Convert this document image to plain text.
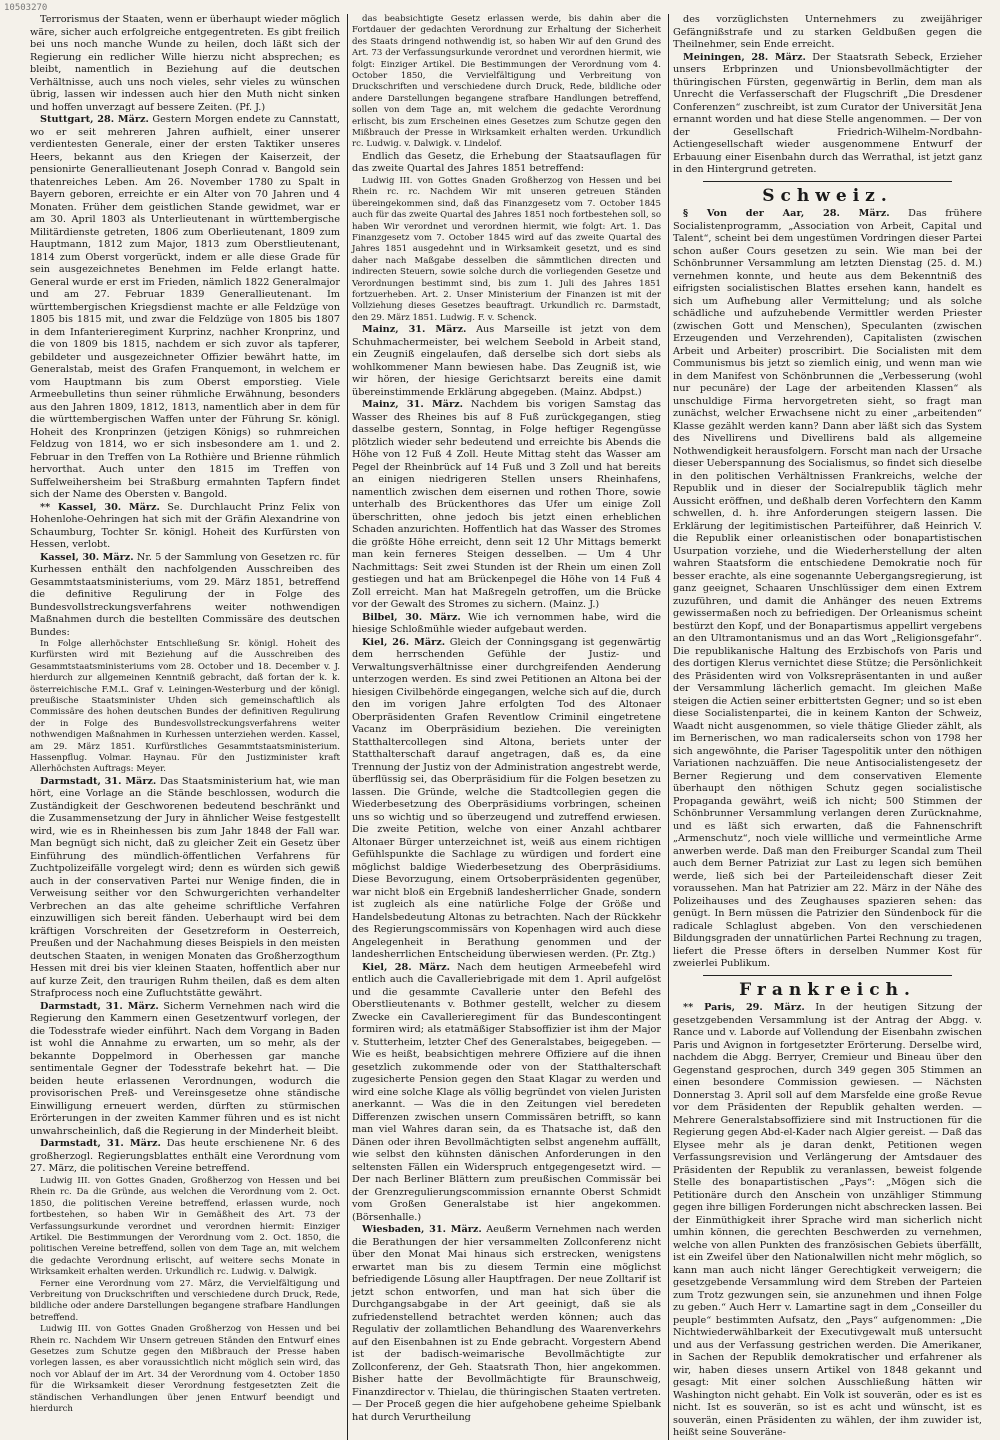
10503270

Terrorismus der Staaten, wenn er überhaupt wieder möglich wäre, sicher auch erfolgreiche entgegentreten. Es gibt freilich bei uns noch manche Wunde zu heilen, doch läßt sich der Regierung ein redlicher Wille hierzu nicht absprechen; es bleibt, namentlich in Beziehung auf die deutschen Verhältnisse, auch uns noch vieles, sehr vieles zu wünschen übrig, lassen wir indessen auch hier den Muth nicht sinken und hoffen unverzagt auf bessere Zeiten. (Pf. J.)

Stuttgart, 28. März. Gestern Morgen endete zu Cannstatt, wo er seit mehreren Jahren aufhielt, einer unserer verdientesten Generale, einer der ersten Taktiker unseres Heers, bekannt aus den Kriegen der Kaiserzeit, der pensionirte Generallieutenant Joseph Conrad v. Bangold sein thatenreiches Leben. Am 26. November 1780 zu Spalt in Bayern geboren, erreichte er ein Alter von 70 Jahren und 4 Monaten. Früher dem geistlichen Stande gewidmet, war er am 30. April 1803 als Unterlieutenant in württembergische Militärdienste getreten, 1806 zum Oberlieutenant, 1809 zum Hauptmann, 1812 zum Major, 1813 zum Oberstlieutenant, 1814 zum Oberst vorgerückt, indem er alle diese Grade für sein ausgezeichnetes Benehmen im Felde erlangt hatte. General wurde er erst im Frieden, nämlich 1822 Generalmajor und am 27. Februar 1839 Generallieutenant. Im württembergischen Kriegsdienst machte er alle Feldzüge von 1805 bis 1815 mit, und zwar die Feldzüge von 1805 bis 1807 in dem Infanterieregiment Kurprinz, nachher Kronprinz, und die von 1809 bis 1815, nachdem er sich zuvor als tapferer, gebildeter und ausgezeichneter Offizier bewährt hatte, im Generalstab, meist des Grafen Franquemont, in welchem er vom Hauptmann bis zum Oberst emporstieg. Viele Armeebulletins thun seiner rühmliche Erwähnung, besonders aus den Jahren 1809, 1812, 1813, namentlich aber in dem für die württembergischen Waffen unter der Führung Sr. königl. Hoheit des Kronprinzen (jetzigen Königs) so ruhmreichen Feldzug von 1814, wo er sich insbesondere am 1. und 2. Februar in den Treffen von La Rothière und Brienne rühmlich hervorthat. Auch unter den 1815 im Treffen von Suffelweihersheim bei Straßburg ermahnten Tapfern findet sich der Name des Obersten v. Bangold.

** Kassel, 30. März. Se. Durchlaucht Prinz Felix von Hohenlohe-Oehringen hat sich mit der Gräfin Alexandrine von Schaumburg, Tochter Sr. königl. Hoheit des Kurfürsten von Hessen, verlobt.

Kassel, 30. März. Nr. 5 der Sammlung von Gesetzen rc. für Kurhessen enthält den nachfolgenden Ausschreiben des Gesammtstaatsministeriums, vom 29. März 1851, betreffend die definitive Regulirung der in Folge des Bundesvollstreckungsverfahrens weiter nothwendigen Maßnahmen durch die bestellten Commissäre des deutschen Bundes:

In Folge allerhöchster Entschließung Sr. königl. Hoheit des Kurfürsten wird mit Beziehung auf die Ausschreiben des Gesammtstaatsministeriums vom 28. October und 18. December v. J. hierdurch zur allgemeinen Kenntniß gebracht, daß fortan der k. k. österreichische F.M.L. Graf v. Leiningen-Westerburg und der königl. preußische Staatsminister Uhden sich gemeinschaftlich als Commissäre des hohen deutschen Bundes der definitiven Regulirung der in Folge des Bundesvollstreckungsverfahrens weiter nothwendigen Maßnahmen in Kurhessen unterziehen werden. Kassel, am 29. März 1851. Kurfürstliches Gesammtstaatsministerium. Hassenpflug. Volmar. Haynau. Für den Justizminister kraft Allerhöchsten Auftrags: Meyer.

Darmstadt, 31. März. Das Staatsministerium hat, wie man hört, eine Vorlage an die Stände beschlossen, wodurch die Zuständigkeit der Geschworenen bedeutend beschränkt und die Zusammensetzung der Jury in ähnlicher Weise festgestellt wird, wie es in Rheinhessen bis zum Jahr 1848 der Fall war. Man begnügt sich nicht, daß zu gleicher Zeit ein Gesetz über Einführung des mündlich-öffentlichen Verfahrens für Zuchtpolizeifälle vorgelegt wird; denn es würden sich gewiß auch in der conservativen Partei nur Wenige finden, die in Verweisung seither vor den Schwurgerichten verhandelter Verbrechen an das alte geheime schriftliche Verfahren einzuwilligen sich bereit fänden. Ueberhaupt wird bei dem kräftigen Vorschreiten der Gesetzreform in Oesterreich, Preußen und der Nachahmung dieses Beispiels in den meisten deutschen Staaten, in wenigen Monaten das Großherzogthum Hessen mit drei bis vier kleinen Staaten, hoffentlich aber nur auf kurze Zeit, den traurigen Ruhm theilen, daß es dem alten Strafprocess noch eine Zufluchtstätte gewährt.

Darmstadt, 31. März. Sicherm Vernehmen nach wird die Regierung den Kammern einen Gesetzentwurf vorlegen, der die Todesstrafe wieder einführt. Nach dem Vorgang in Baden ist wohl die Annahme zu erwarten, um so mehr, als der bekannte Doppelmord in Oberhessen gar manche sentimentale Gegner der Todesstrafe bekehrt hat. — Die beiden heute erlassenen Verordnungen, wodurch die provisorischen Preß- und Vereinsgesetze ohne ständische Einwilligung erneuert werden, dürften zu stürmischen Erörterungen in der zweiten Kammer führen und es ist nicht unwahrscheinlich, daß die Regierung in der Minderheit bleibt.

Darmstadt, 31. März. Das heute erschienene Nr. 6 des großherzogl. Regierungsblattes enthält eine Verordnung vom 27. März, die politischen Vereine betreffend.

Ludwig III. von Gottes Gnaden, Großherzog von Hessen und bei Rhein rc. Da die Gründe, aus welchen die Verordnung vom 2. Oct. 1850, die politischen Vereine betreffend, erlassen wurde, noch fortbestehen, so haben Wir in Gemäßheit des Art. 73 der Verfassungsurkunde verordnet und verordnen hiermit: Einziger Artikel. Die Bestimmungen der Verordnung vom 2. Oct. 1850, die politischen Vereine betreffend, sollen von dem Tage an, mit welchem die gedachte Verordnung erlischt, auf weitere sechs Monate in Wirksamkeit erhalten werden. Urkundlich rc. Ludwig. v. Dalwigk.

Ferner eine Verordnung vom 27. März, die Vervielfältigung und Verbreitung von Druckschriften und verschiedene durch Druck, Rede, bildliche oder andere Darstellungen begangene strafbare Handlungen betreffend.

Ludwig III. von Gottes Gnaden Großherzog von Hessen und bei Rhein rc. Nachdem Wir Unsern getreuen Ständen den Entwurf eines Gesetzes zum Schutze gegen den Mißbrauch der Presse haben vorlegen lassen, es aber voraussichtlich nicht möglich sein wird, das noch vor Ablauf der im Art. 34 der Verordnung vom 4. October 1850 für die Wirksamkeit dieser Verordnung festgesetzten Zeit die ständischen Verhandlungen über jenen Entwurf beendigt und hierdurch

das beabsichtigte Gesetz erlassen werde, bis dahin aber die Fortdauer der gedachten Verordnung zur Erhaltung der Sicherheit des Staats dringend nothwendig ist, so haben Wir auf den Grund des Art. 73 der Verfassungsurkunde verordnet und verordnen hiermit, wie folgt: Einziger Artikel. Die Bestimmungen der Verordnung vom 4. October 1850, die Vervielfältigung und Verbreitung von Druckschriften und verschiedene durch Druck, Rede, bildliche oder andere Darstellungen begangene strafbare Handlungen betreffend, sollen von dem Tage an, mit welchem die gedachte Verordnung erlischt, bis zum Erscheinen eines Gesetzes zum Schutze gegen den Mißbrauch der Presse in Wirksamkeit erhalten werden. Urkundlich rc. Ludwig. v. Dalwigk. v. Lindelof.

Endlich das Gesetz, die Erhebung der Staatsauflagen für das zweite Quartal des Jahres 1851 betreffend:

Ludwig III. von Gottes Gnaden Großherzog von Hessen und bei Rhein rc. rc. Nachdem Wir mit unseren getreuen Ständen übereingekommen sind, daß das Finanzgesetz vom 7. October 1845 auch für das zweite Quartal des Jahres 1851 noch fortbestehen soll, so haben Wir verordnet und verordnen hiermit, wie folgt: Art. 1. Das Finanzgesetz vom 7. October 1845 wird auf das zweite Quartal des Jahres 1851 ausgedehnt und in Wirksamkeit gesetzt, und es sind daher nach Maßgabe desselben die sämmtlichen directen und indirecten Steuern, sowie solche durch die vorliegenden Gesetze und Verordnungen bestimmt sind, bis zum 1. Juli des Jahres 1851 fortzuerheben. Art. 2. Unser Ministerium der Finanzen ist mit der Vollziehung dieses Gesetzes beauftragt. Urkundlich rc. Darmstadt, den 29. März 1851. Ludwig. F. v. Schenck.

Mainz, 31. März. Aus Marseille ist jetzt von dem Schuhmachermeister, bei welchem Seebold in Arbeit stand, ein Zeugniß eingelaufen, daß derselbe sich dort siebs als wohlkommener Mann bewiesen habe. Das Zeugniß ist, wie wir hören, der hiesige Gerichtsarzt bereits eine damit übereinstimmende Erklärung abgegeben. (Mainz. Abdpst.)

Mainz, 31. März. Nachdem bis vorigen Samstag das Wasser des Rheines bis auf 8 Fuß zurückgegangen, stieg dasselbe gestern, Sonntag, in Folge heftiger Regengüsse plötzlich wieder sehr bedeutend und erreichte bis Abends die Höhe von 12 Fuß 4 Zoll. Heute Mittag steht das Wasser am Pegel der Rheinbrück auf 14 Fuß und 3 Zoll und hat bereits an einigen niedrigeren Stellen unsers Rheinhafens, namentlich zwischen dem eisernen und rothen Thore, sowie unterhalb des Brückenthores das Ufer um einige Zoll überschritten, ohne jedoch bis jetzt einen erheblichen Schaden anzurichten. Hoffentlich hat das Wasser des Stromes die größte Höhe erreicht, denn seit 12 Uhr Mittags bemerkt man kein ferneres Steigen desselben. — Um 4 Uhr Nachmittags: Seit zwei Stunden ist der Rhein um einen Zoll gestiegen und hat am Brückenpegel die Höhe von 14 Fuß 4 Zoll erreicht. Man hat Maßregeln getroffen, um die Brücke vor der Gewalt des Stromes zu sichern. (Mainz. J.)

Bilbel, 30. März. Wie ich vernommen habe, wird die hiesige Schloßmühle wieder aufgebaut werden.

Kiel, 26. März. Gleich der Conningsgang ist gegenwärtig dem herrschenden Gefühle der Justiz- und Verwaltungsverhältnisse einer durchgreifenden Aenderung unterzogen werden. Es sind zwei Petitionen an Altona bei der hiesigen Civilbehörde eingegangen, welche sich auf die, durch den im vorigen Jahre erfolgten Tod des Altonaer Oberpräsidenten Grafen Reventlow Criminil eingetretene Vacanz im Oberpräsidium beziehen. Die vereinigten Statthaltercollegen sind Altona, beriets unter der Statthalterschaft darauf angetragen, daß es, da eine Trennung der Justiz von der Administration angestrebt werde, überflüssig sei, das Oberpräsidium für die Folgen besetzen zu lassen. Die Gründe, welche die Stadtcollegien gegen die Wiederbesetzung des Oberpräsidiums vorbringen, scheinen uns so wichtig und so überzeugend und zutreffend erwiesen. Die zweite Petition, welche von einer Anzahl achtbarer Altonaer Bürger unterzeichnet ist, weiß aus einem richtigen Gefühlspunkte die Sachlage zu würdigen und fordert eine möglichst baldige Wiederbesetzung des Oberpräsidiums. Diese Bevorzugung, einem Ortsoberpräsidenten gegenüber, war nicht bloß ein Ergebniß landesherrlicher Gnade, sondern ist zugleich als eine natürliche Folge der Größe und Handelsbedeutung Altonas zu betrachten. Nach der Rückkehr des Regierungscommissärs von Kopenhagen wird auch diese Angelegenheit in Berathung genommen und der landesherrlichen Entscheidung überwiesen werden. (Pr. Ztg.)

Kiel, 28. März. Nach dem heutigen Armeebefehl wird entlich auch die Cavalleriebrigade mit dem 1. April aufgelöst und die gesammte Cavallerie unter den Befehl des Oberstlieutenants v. Bothmer gestellt, welcher zu diesem Zwecke ein Cavallerieregiment für das Bundescontingent formiren wird; als etatmäßiger Stabsoffizier ist ihm der Major v. Stutterheim, letzter Chef des Generalstabes, beigegeben. — Wie es heißt, beabsichtigen mehrere Offiziere auf die ihnen gesetzlich zukommende oder von der Statthalterschaft zugesicherte Pension gegen den Staat Klagar zu werden und wird eine solche Klage als völlig begründet von vielen Juristen anerkannt. — Was die in den Zeitungen viel beredeten Differenzen zwischen unsern Commissären betrifft, so kann man viel Wahres daran sein, da es Thatsache ist, daß den Dänen oder ihren Bevollmächtigten selbst angenehm auffällt, wie selbst den kühnsten dänischen Anforderungen in den seltensten Fällen ein Widerspruch entgegengesetzt wird. — Der nach Berliner Blättern zum preußischen Commissär bei der Grenzregulierungscommission ernannte Oberst Schmidt vom Großen Generalstabe ist hier angekommen. (Börsenhalle.)

Wiesbaden, 31. März. Aeußerm Vernehmen nach werden die Berathungen der hier versammelten Zollconferenz nicht über den Monat Mai hinaus sich erstrecken, wenigstens erwartet man bis zu diesem Termin eine möglichst befriedigende Lösung aller Hauptfragen. Der neue Zolltarif ist jetzt schon entworfen, und man hat sich über die Durchgangsabgabe in der Art geeinigt, daß sie als zufriedenstellend betrachtet werden können; auch das Regulativ der zollamtlichen Behandlung des Waarenverkehrs auf den Eisenbahnen ist zu Ende gebracht. Vorgestern Abend ist der badisch-weimarische Bevollmächtigte zur Zollconferenz, der Geh. Staatsrath Thon, hier angekommen. Bisher hatte der Bevollmächtigte für Braunschweig, Finanzdirector v. Thielau, die thüringischen Staaten vertreten. — Der Proceß gegen die hier aufgehobene geheime Spielbank hat durch Verurtheilung

des vorzüglichsten Unternehmers zu zweijähriger Gefängnißstrafe und zu starken Geldbußen gegen die Theilnehmer, sein Ende erreicht.

Meiningen, 28. März. Der Staatsrath Sebeck, Erzieher unsers Erbprinzen und Unionsbevollmächtigter der thüringischen Fürsten, gegenwärtig in Berlin, dem man als Unrecht die Verfasserschaft der Flugschrift „Die Dresdener Conferenzen“ zuschreibt, ist zum Curator der Universität Jena ernannt worden und hat diese Stelle angenommen. — Der von der Gesellschaft Friedrich-Wilhelm-Nordbahn-Actiengesellschaft wieder ausgenommene Entwurf der Erbauung einer Eisenbahn durch das Werrathal, ist jetzt ganz in den Hintergrund getreten.

Schweiz.

§ Von der Aar, 28. März. Das frühere Socialistenprogramm, „Association von Arbeit, Capital und Talent“, scheint bei dem ungestümen Vordringen dieser Partei schon außer Cours gesetzen zu sein. Wie man bei der Schönbrunner Versammlung am letzten Dienstag (25. d. M.) vernehmen konnte, und heute aus dem Bekenntniß des eifrigsten socialistischen Blattes ersehen kann, handelt es sich um Aufhebung aller Vermittelung; und als solche schädliche und aufzuhebende Vermittler werden Priester (zwischen Gott und Menschen), Speculanten (zwischen Erzeugenden und Verzehrenden), Capitalisten (zwischen Arbeit und Arbeiter) proscribirt. Die Socialisten mit dem Communismus bis jetzt so ziemlich einig, und wenn man wie in dem Manifest von Schönbrunnen die „Verbesserung (wohl nur pecunäre) der Lage der arbeitenden Klassen“ als unschuldige Firma hervorgetreten sieht, so fragt man zunächst, welcher Erwachsene nicht zu einer „arbeitenden“ Klasse gezählt werden kann? Dann aber läßt sich das System des Nivellirens und Divellirens bald als allgemeine Nothwendigkeit herausfolgern. Forscht man nach der Ursache dieser Ueberspannung des Socialismus, so findet sich dieselbe in den politischen Verhältnissen Frankreichs, welche der Republik und in dieser der Socialrepublik täglich mehr Aussicht eröffnen, und deßhalb deren Vorfechtern den Kamm schwellen, d. h. ihre Anforderungen steigern lassen. Die Erklärung der legitimistischen Parteiführer, daß Heinrich V. die Republik einer orleanistischen oder bonapartistischen Usurpation vorziehe, und die Wiederherstellung der alten wahren Staatsform die entschiedene Demokratie noch für besser erachte, als eine sogenannte Uebergangsregierung, ist ganz geeignet, Schaaren Unschlüssiger dem einen Extrem zuzuführen, und damit die Anhänger des neuen Extrems gewissermaßen noch zu befriedigen. Der Orleanismus scheint bestürzt den Kopf, und der Bonapartismus appellirt vergebens an den Ultramontanismus und an das Wort „Religionsgefahr“. Die republikanische Haltung des Erzbischofs von Paris und des dortigen Klerus vernichtet diese Stütze; die Persönlichkeit des Präsidenten wird von Volksrepräsentanten in und außer der Versammlung lächerlich gemacht. Im gleichen Maße steigen die Actien seiner erbittertsten Gegner; und so ist eben diese Socialistenpartei, die in keinem Kanton der Schweiz, Waadt nicht ausgenommen, so viele thätige Glieder zählt, als im Bernerischen, wo man radicalerseits schon von 1798 her sich angewöhnte, die Pariser Tagespolitik unter den nöthigen Variationen nachzuäffen. Die neue Antisocialistengesetz der Berner Regierung und dem conservativen Elemente überhaupt den nöthigen Schutz gegen socialistische Propaganda gewährt, weiß ich nicht; 500 Stimmen der Schönbrunner Versammlung verlangen deren Zurücknahme, und es läßt sich erwarten, daß die Fahnenschrift „Armenschutz“, noch viele willliche und vermeintliche Arme anwerben werde. Daß man den Freiburger Scandal zum Theil auch dem Berner Patriziat zur Last zu legen sich bemühen werde, ließ sich bei der Parteileidenschaft dieser Zeit voraussehen. Man hat Patrizier am 22. März in der Nähe des Polizeihauses und des Zeughauses spazieren sehen: das genügt. In Bern müssen die Patrizier den Sündenbock für die radicale Schlaglust abgeben. Von den verschiedenen Bildungsgraden der unnatürlichen Partei Rechnung zu tragen, liefert die Presse öfters in derselben Nummer Kost für zweierlei Publikum.

Frankreich.

** Paris, 29. März. In der heutigen Sitzung der gesetzgebenden Versammlung ist der Antrag der Abgg. v. Rance und v. Laborde auf Vollendung der Eisenbahn zwischen Paris und Avignon in fortgesetzter Erörterung. Derselbe wird, nachdem die Abgg. Berryer, Cremieur und Bineau über den Gegenstand gesprochen, durch 349 gegen 305 Stimmen an einen besondere Commission gewiesen. — Nächsten Donnerstag 3. April soll auf dem Marsfelde eine große Revue vor dem Präsidenten der Republik gehalten werden. — Mehrere Generalstabsoffiziere sind mit Instructionen für die Regierung gegen Abd-el-Kader nach Algier gereist. — Daß das Elysee mehr als je daran denkt, Petitionen wegen Verfassungsrevision und Verlängerung der Amtsdauer des Präsidenten der Republik zu veranlassen, beweist folgende Stelle des bonapartistischen „Pays“: „Mögen sich die Petitionäre durch den Anschein von unzähliger Stimmung gegen ihre billigen Forderungen nicht abschrecken lassen. Bei der Einmüthigkeit ihrer Sprache wird man sicherlich nicht umhin können, die gerechten Beschwerden zu vernehmen, welche von allen Punkten des französischen Gebiets überfällt, ist ein Zweifel über den Nationalwillen nicht mehr möglich, so kann man auch nicht länger Gerechtigkeit verweigern; die gesetzgebende Versammlung wird dem Streben der Parteien zum Trotz gezwungen sein, sie anzunehmen und ihnen Folge zu geben.“ Auch Herr v. Lamartine sagt in dem „Conseiller du peuple“ bestimmten Aufsatz, den „Pays“ aufgenommen: „Die Nichtwiederwählbarkeit der Executivgewalt muß untersucht und aus der Verfassung gestrichen werden. Die Amerikaner, in Sachen der Republik demokratischer und erfahrener als wir, haben dieses unsern Artikel von 1848 gekannt und gesagt: Mit einer solchen Ausschließung hätten wir Washington nicht gehabt. Ein Volk ist souverän, oder es ist es nicht. Ist es souverän, so ist es acht und wünscht, ist es souverän, einen Präsidenten zu wählen, der ihm zuwider ist, heißt seine Souveräne-
